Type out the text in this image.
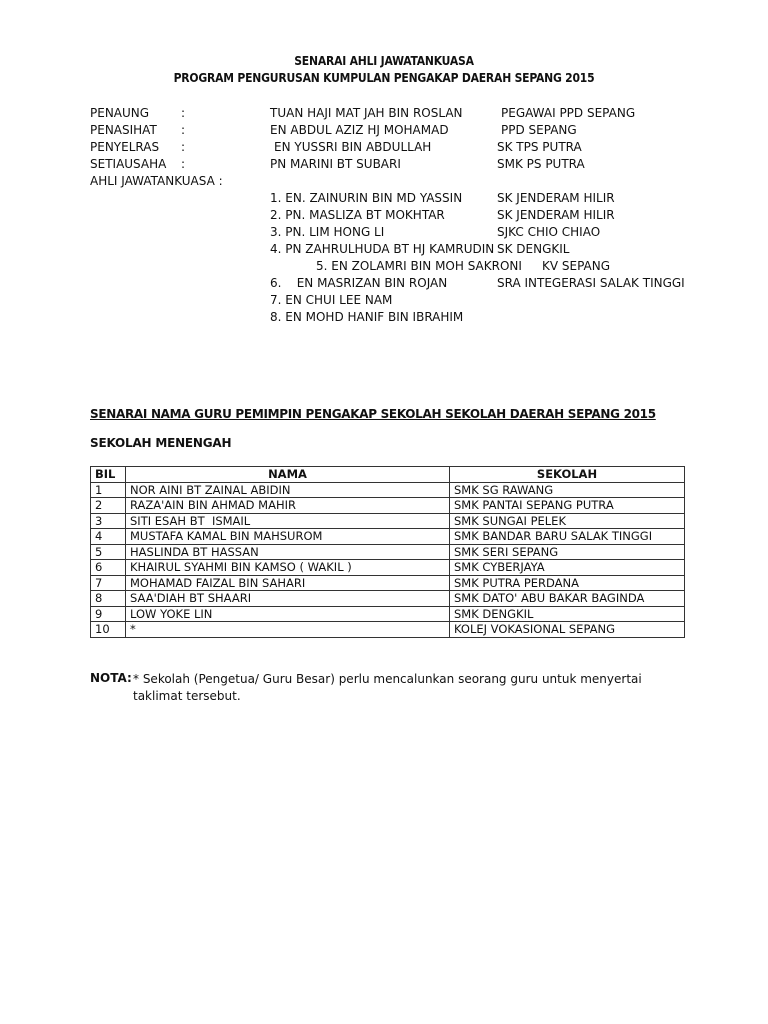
SENARAI AHLI JAWATANKUASA
PROGRAM PENGURUSAN KUMPULAN PENGAKAP DAERAH SEPANG 2015
PENAUNG	:	TUAN HAJI MAT JAH BIN ROSLAN	PEGAWAI PPD SEPANG
PENASIHAT :	EN ABDUL AZIZ HJ MOHAMAD	PPD SEPANG
PENYELRAS :	EN YUSSRI BIN ABDULLAH	SK TPS PUTRA
SETIAUSAHA :	PN MARINI BT SUBARI	SMK PS PUTRA
AHLI JAWATANKUASA :
1. EN. ZAINURIN BIN MD YASSIN	SK JENDERAM HILIR
2. PN. MASLIZA BT MOKHTAR	SK JENDERAM HILIR
3. PN. LIM HONG LI	SJKC CHIO CHIAO
4. PN ZAHRULHUDA BT HJ KAMRUDIN SK DENGKIL
5. EN ZOLAMRI BIN MOH SAKRONI KV SEPANG
6.    EN MASRIZAN BIN ROJAN	SRA INTEGERASI SALAK TINGGI
7. EN CHUI LEE NAM
8. EN MOHD HANIF BIN IBRAHIM
SENARAI NAMA GURU PEMIMPIN PENGAKAP SEKOLAH SEKOLAH DAERAH SEPANG 2015
SEKOLAH MENENGAH
BIL	NAMA	SEKOLAH
1	NOR AINI BT ZAINAL ABIDIN	SMK SG RAWANG
2	RAZA'AIN BIN AHMAD MAHIR	SMK PANTAI SEPANG PUTRA
3	SITI ESAH BT  ISMAIL	SMK SUNGAI PELEK
4	MUSTAFA KAMAL BIN MAHSUROM	SMK BANDAR BARU SALAK TINGGI
5	HASLINDA BT HASSAN	SMK SERI SEPANG
6	KHAIRUL SYAHMI BIN KAMSO ( WAKIL )	SMK CYBERJAYA
7	MOHAMAD FAIZAL BIN SAHARI	SMK PUTRA PERDANA
8	SAA'DIAH BT SHAARI	SMK DATO' ABU BAKAR BAGINDA
9	LOW YOKE LIN	SMK DENGKIL
10	*	KOLEJ VOKASIONAL SEPANG
NOTA: * Sekolah (Pengetua/ Guru Besar) perlu mencalunkan seorang guru untuk menyertai taklimat tersebut.
